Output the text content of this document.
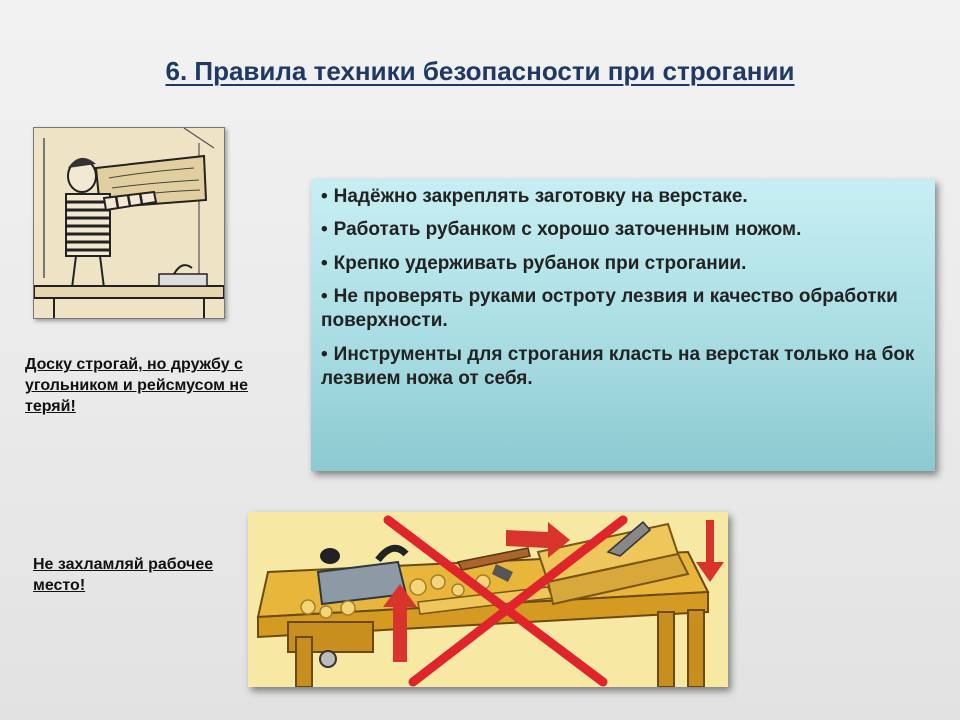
6. Правила техники безопасности при строгании

Доску строгай, но дружбу с угольником и рейсмусом не теряй!

• Надёжно закреплять заготовку на верстаке.
• Работать рубанком с хорошо заточенным ножом.
• Крепко удерживать рубанок при строгании.
• Не проверять руками остроту лезвия и качество обработки поверхности.
• Инструменты для строгания класть на верстак только на бок лезвием ножа от себя.

Не захламляй рабочее место!
